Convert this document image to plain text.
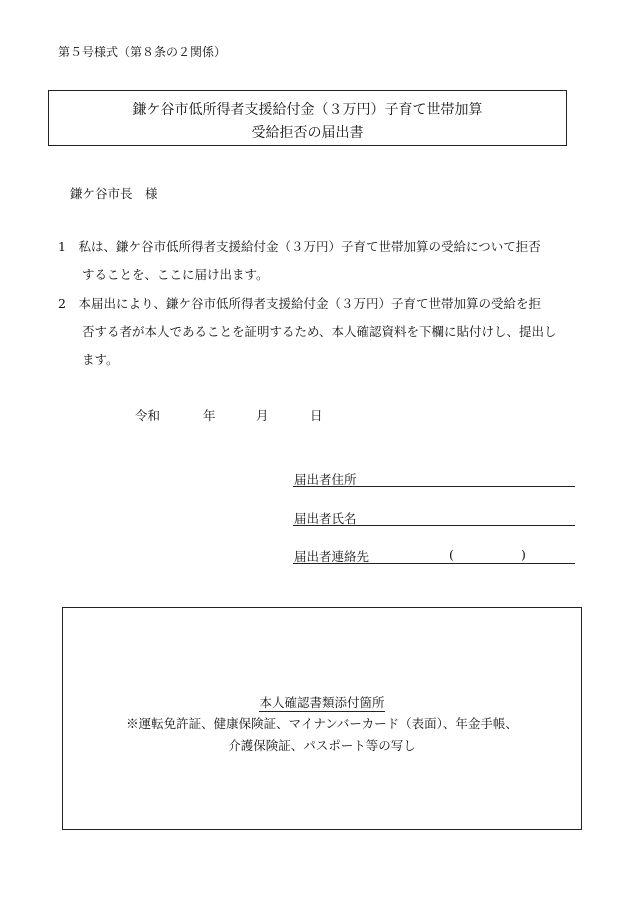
第５号様式（第８条の２関係）
鎌ケ谷市低所得者支援給付金（３万円）子育て世帯加算
受給拒否の届出書
鎌ケ谷市長　様
1　私は、鎌ケ谷市低所得者支援給付金（３万円）子育て世帯加算の受給について拒否
することを、ここに届け出ます。
2　本届出により、鎌ケ谷市低所得者支援給付金（３万円）子育て世帯加算の受給を拒
否する者が本人であることを証明するため、本人確認資料を下欄に貼付けし、提出し
ます。
令和	年	月	日
届出者住所
届出者氏名
届出者連絡先	(	)
本人確認書類添付箇所
※運転免許証、健康保険証、マイナンバーカード（表面）、年金手帳、
介護保険証、パスポート等の写し
